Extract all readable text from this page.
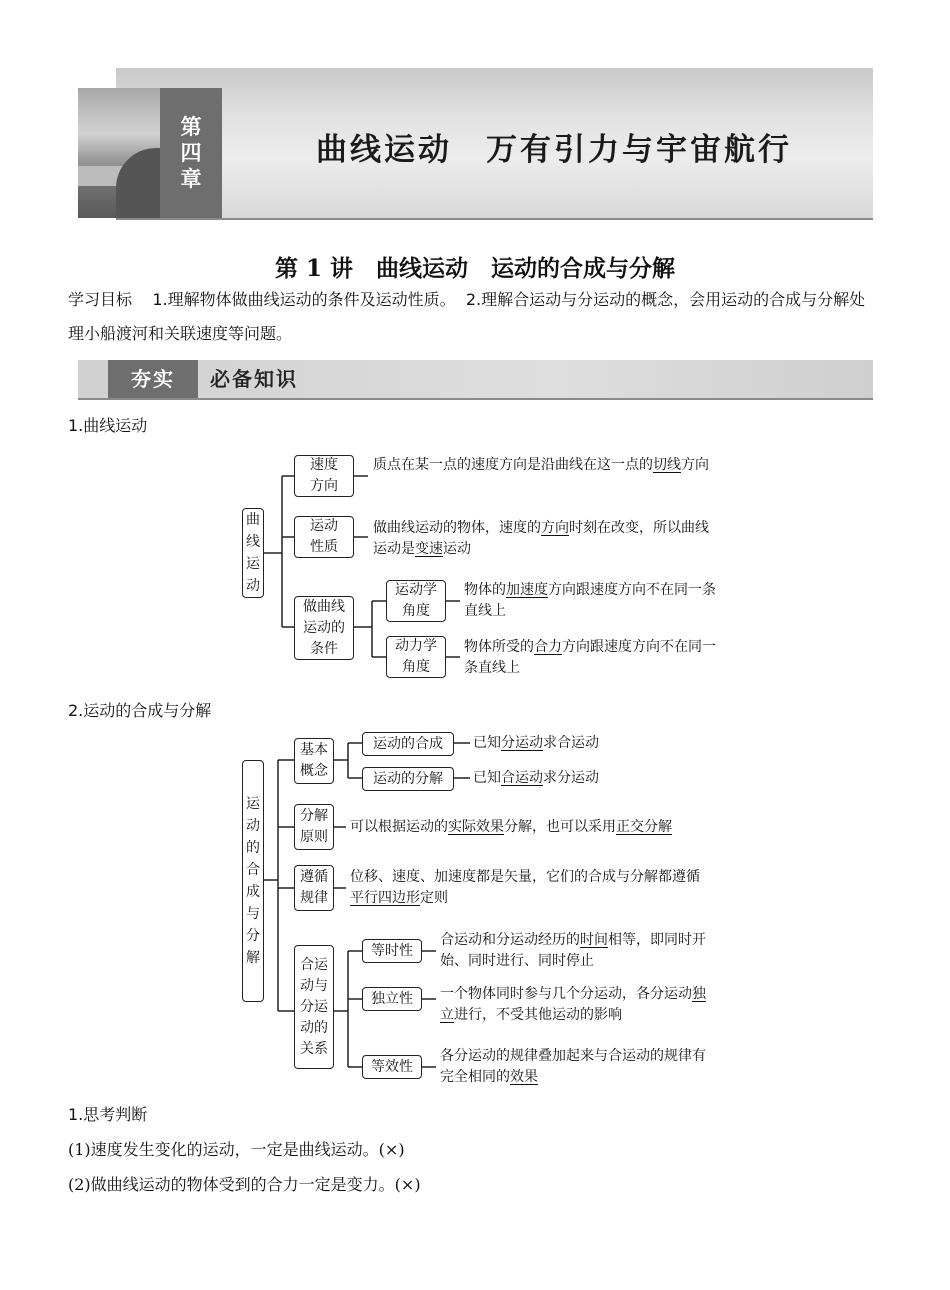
第四章
曲线运动　万有引力与宇宙航行
第 1 讲　曲线运动　运动的合成与分解
学习目标 1.理解物体做曲线运动的条件及运动性质。 2.理解合运动与分运动的概念，会用运动的合成与分解处理小船渡河和关联速度等问题。
夯实	必备知识
1.曲线运动
曲线运动
速度方向
质点在某一点的速度方向是沿曲线在这一点的切线方向
运动性质
做曲线运动的物体，速度的方向时刻在改变，所以曲线运动是变速运动
做曲线运动的条件
运动学角度
物体的加速度方向跟速度方向不在同一条直线上
动力学角度
物体所受的合力方向跟速度方向不在同一条直线上
2.运动的合成与分解
运动的合成与分解
基本概念
运动的合成 已知分运动求合运动
运动的分解 已知合运动求分运动
分解原则
可以根据运动的实际效果分解，也可以采用正交分解
遵循规律
位移、速度、加速度都是矢量，它们的合成与分解都遵循平行四边形定则
合运动与分运动的关系
等时性
合运动和分运动经历的时间相等，即同时开始、同时进行、同时停止
独立性 一个物体同时参与几个分运动，各分运动独立进行，不受其他运动的影响
等效性
各分运动的规律叠加起来与合运动的规律有完全相同的效果
1.思考判断
(1)速度发生变化的运动，一定是曲线运动。(×)
(2)做曲线运动的物体受到的合力一定是变力。(×)
